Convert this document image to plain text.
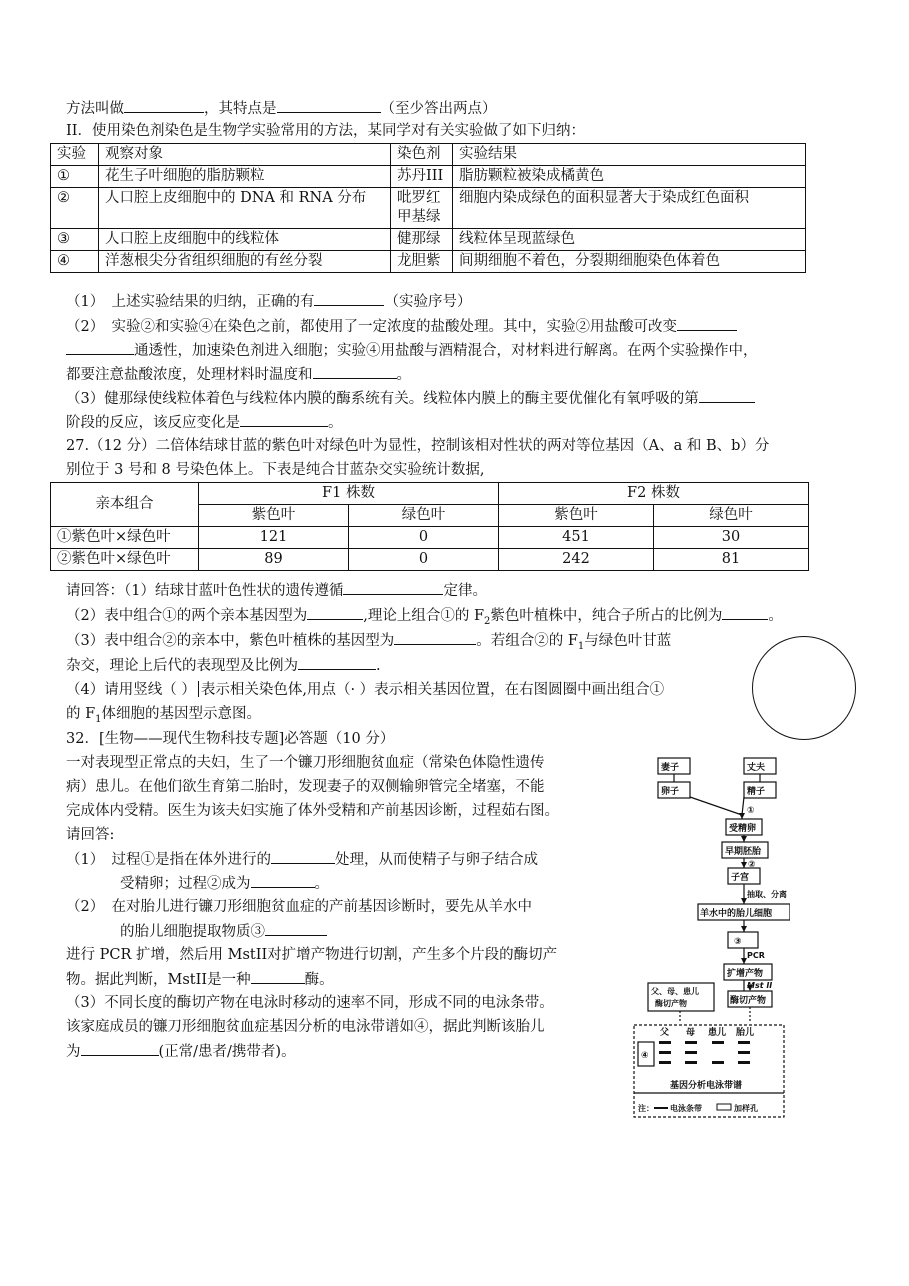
方法叫做	，其特点是	（至少答出两点）
II．使用染色剂染色是生物学实验常用的方法，某同学对有关实验做了如下归纳：
实验	观察对象	染色剂	实验结果
①	花生子叶细胞的脂肪颗粒	苏丹III	脂肪颗粒被染成橘黄色
②	人口腔上皮细胞中的 DNA 和 RNA 分布	吡罗红甲基绿	细胞内染成绿色的面积显著大于染成红色面积
③	人口腔上皮细胞中的线粒体	健那绿	线粒体呈现蓝绿色
④	洋葱根尖分省组织细胞的有丝分裂	龙胆紫	间期细胞不着色，分裂期细胞染色体着色
（1）　上述实验结果的归纳，正确的有	（实验序号）
（2）　实验②和实验④在染色之前，都使用了一定浓度的盐酸处理。其中，实验②用盐酸可改变
通透性，加速染色剂进入细胞；实验④用盐酸与酒精混合，对材料进行解离。在两个实验操作中，
都要注意盐酸浓度，处理材料时温度和	。
（3）健那绿使线粒体着色与线粒体内膜的酶系统有关。线粒体内膜上的酶主要优催化有氧呼吸的第
阶段的反应，该反应变化是	。
27.（12 分）二倍体结球甘蓝的紫色叶对绿色叶为显性，控制该相对性状的两对等位基因（A、a 和 B、b）分
别位于 3 号和 8 号染色体上。下表是纯合甘蓝杂交实验统计数据,
亲本组合	F1 株数		F2 株数	
	紫色叶	绿色叶	紫色叶	绿色叶
①紫色叶×绿色叶	121	0	451	30
②紫色叶×绿色叶	89	0	242	81
请回答：（1）结球甘蓝叶色性状的遗传遵循	定律。
（2）表中组合①的两个亲本基因型为	,理论上组合①的 $F_2$紫色叶植株中，纯合子所占的比例为	。
（3）表中组合②的亲本中，紫色叶植株的基因型为	。若组合②的 $F_1$与绿色叶甘蓝
杂交，理论上后代的表现型及比例为	.
（4）请用竖线（ ） 表示相关染色体,用点（· ）表示相关基因位置，在右图圆圈中画出组合①
的 $F_1$体细胞的基因型示意图。
32．[生物——现代生物科技专题]必答题（10 分）
一对表现型正常点的夫妇，生了一个镰刀形细胞贫血症（常染色体隐性遗传
病）患儿。在他们欲生育第二胎时，发现妻子的双侧输卵管完全堵塞，不能
完成体内受精。医生为该夫妇实施了体外受精和产前基因诊断，过程茹右图。
请回答:
（1）　过程①是指在体外进行的	处理，从而使精子与卵子结合成
受精卵；过程②成为	。
（2）　在对胎儿进行镰刀形细胞贫血症的产前基因诊断时，要先从羊水中
的胎儿细胞提取物质③
进行 PCR 扩增，然后用 MstII对扩增产物进行切割，产生多个片段的酶切产
物。据此判断，MstII是一种	酶。
（3）不同长度的酶切产物在电泳时移动的速率不同，形成不同的电泳条带。
该家庭成员的镰刀形细胞贫血症基因分析的电泳带谱如④，据此判断该胎儿
为	(正常/患者/携带者)。
妻子	丈夫
卵子	精子
①
受精卵
早期胚胎
②
子宫
抽取、分离
羊水中的胎儿细胞
③
PCR
扩增产物
Mst II
父、母、患儿
酶切产物	酶切产物
父 母 患儿 胎儿
④
基因分析电泳带谱
注： 电泳条带	加样孔
